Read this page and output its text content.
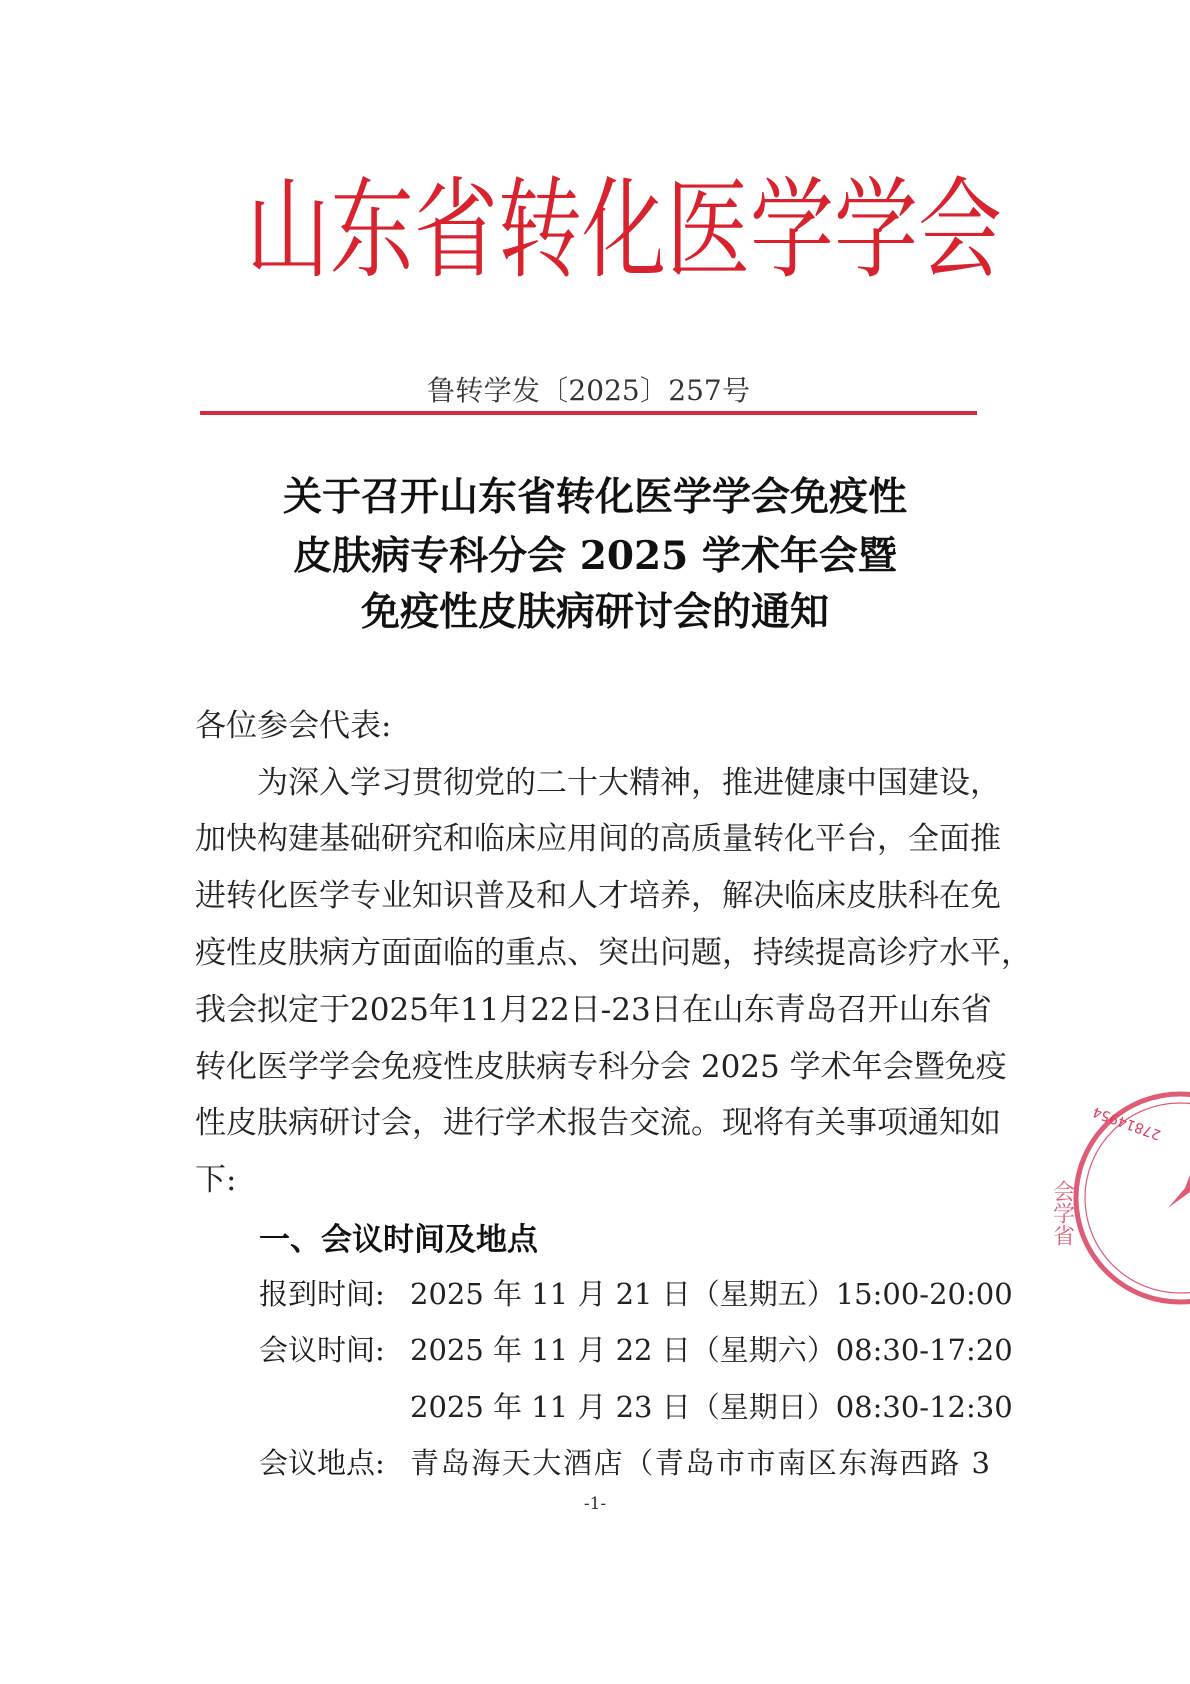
山东省转化医学学会
鲁转学发〔2025〕257号
关于召开山东省转化医学学会免疫性
皮肤病专科分会 2025 学术年会暨
免疫性皮肤病研讨会的通知
各位参会代表:
为深入学习贯彻党的二十大精神，推进健康中国建设，
加快构建基础研究和临床应用间的高质量转化平台，全面推
进转化医学专业知识普及和人才培养，解决临床皮肤科在免
疫性皮肤病方面面临的重点、突出问题，持续提高诊疗水平，
我会拟定于2025年11月22日-23日在山东青岛召开山东省
转化医学学会免疫性皮肤病专科分会 2025 学术年会暨免疫
性皮肤病研讨会，进行学术报告交流。现将有关事项通知如
下:
一、会议时间及地点
报到时间: 2025 年 11 月 21 日（星期五）15:00-20:00
会议时间: 2025 年 11 月 22 日（星期六）08:30-17:20
2025 年 11 月 23 日（星期日）08:30-12:30
会议地点: 青岛海天大酒店（青岛市市南区东海西路 3
-1-
27814954
会学省
